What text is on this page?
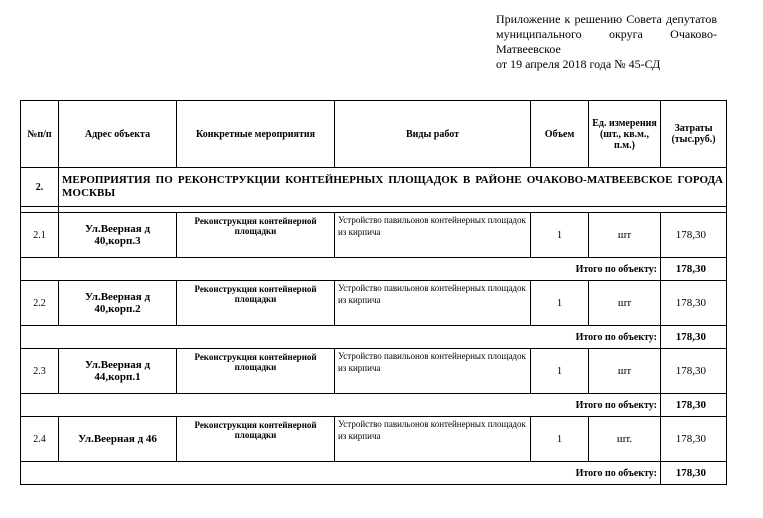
Приложение к решению Совета депутатов
муниципального округа Очаково-
Матвеевское
от 19 апреля 2018 года № 45-СД
№п/п	Адрес объекта	Конкретные мероприятия	Виды работ	Объем	Ед. измерения (шт., кв.м., п.м.)	Затраты (тыс.руб.)
2.	МЕРОПРИЯТИЯ ПО РЕКОНСТРУКЦИИ КОНТЕЙНЕРНЫХ ПЛОЩАДОК В РАЙОНЕ ОЧАКОВО-МАТВЕЕВСКОЕ ГОРОДА МОСКВЫ					

2.1	Ул.Веерная д 40,корп.3	Реконструкция контейнерной площадки	Устройство павильонов контейнерных площадок из кирпича	1	шт	178,30
Итого по объекту:						178,30
2.2	Ул.Веерная д 40,корп.2	Реконструкция контейнерной площадки	Устройство павильонов контейнерных площадок из кирпича	1	шт	178,30
Итого по объекту:						178,30
2.3	Ул.Веерная д 44,корп.1	Реконструкция контейнерной площадки	Устройство павильонов контейнерных площадок из кирпича	1	шт	178,30
Итого по объекту:						178,30
2.4	Ул.Веерная д 46	Реконструкция контейнерной площадки	Устройство павильонов контейнерных площадок из кирпича	1	шт.	178,30
Итого по объекту:						178,30
